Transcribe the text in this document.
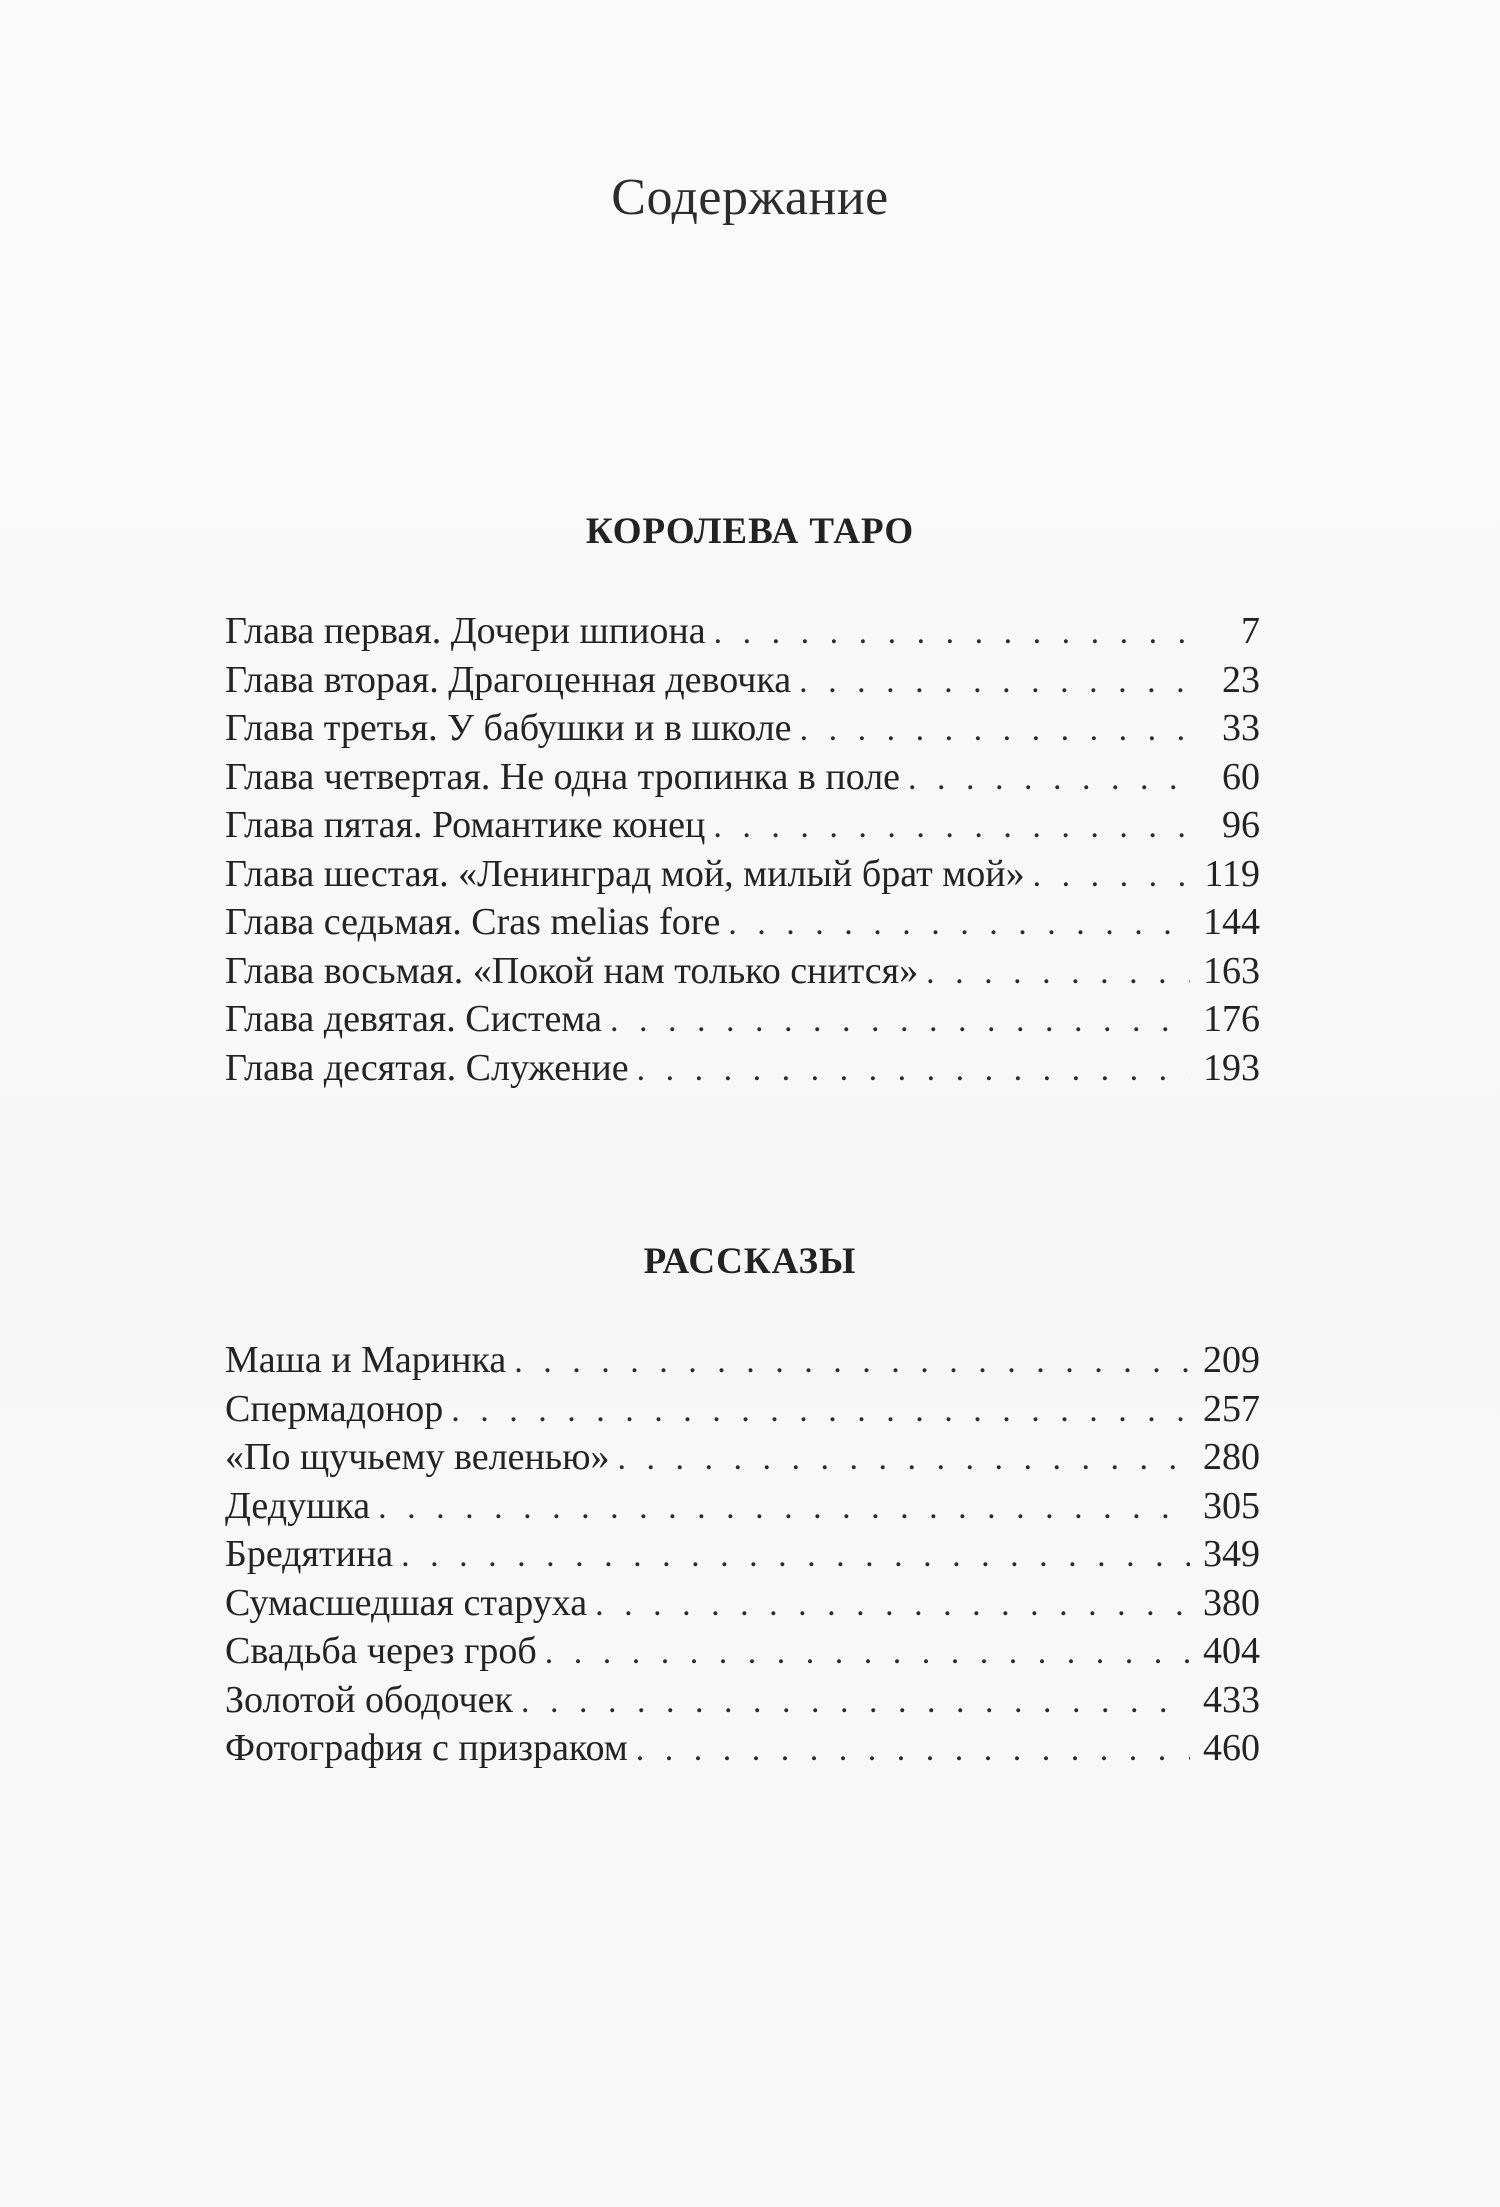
Содержание
КОРОЛЕВА ТАРО
Глава первая. Дочери шпиона . . .	7
Глава вторая. Драгоценная девочка . . .	23
Глава третья. У бабушки и в школе . . .	33
Глава четвертая. Не одна тропинка в поле . . .	60
Глава пятая. Романтике конец . . .	96
Глава шестая. «Ленинград мой, милый брат мой» . . .	119
Глава седьмая. Cras melias fore . . .	144
Глава восьмая. «Покой нам только снится» . . .	163
Глава девятая. Система . . .	176
Глава десятая. Служение . . .	193
РАССКАЗЫ
Маша и Маринка . . .	209
Спермадонор . . .	257
«По щучьему веленью» . . .	280
Дедушка . . .	305
Бредятина . . .	349
Сумасшедшая старуха . . .	380
Свадьба через гроб . . .	404
Золотой ободочек . . .	433
Фотография с призраком . . .	460
